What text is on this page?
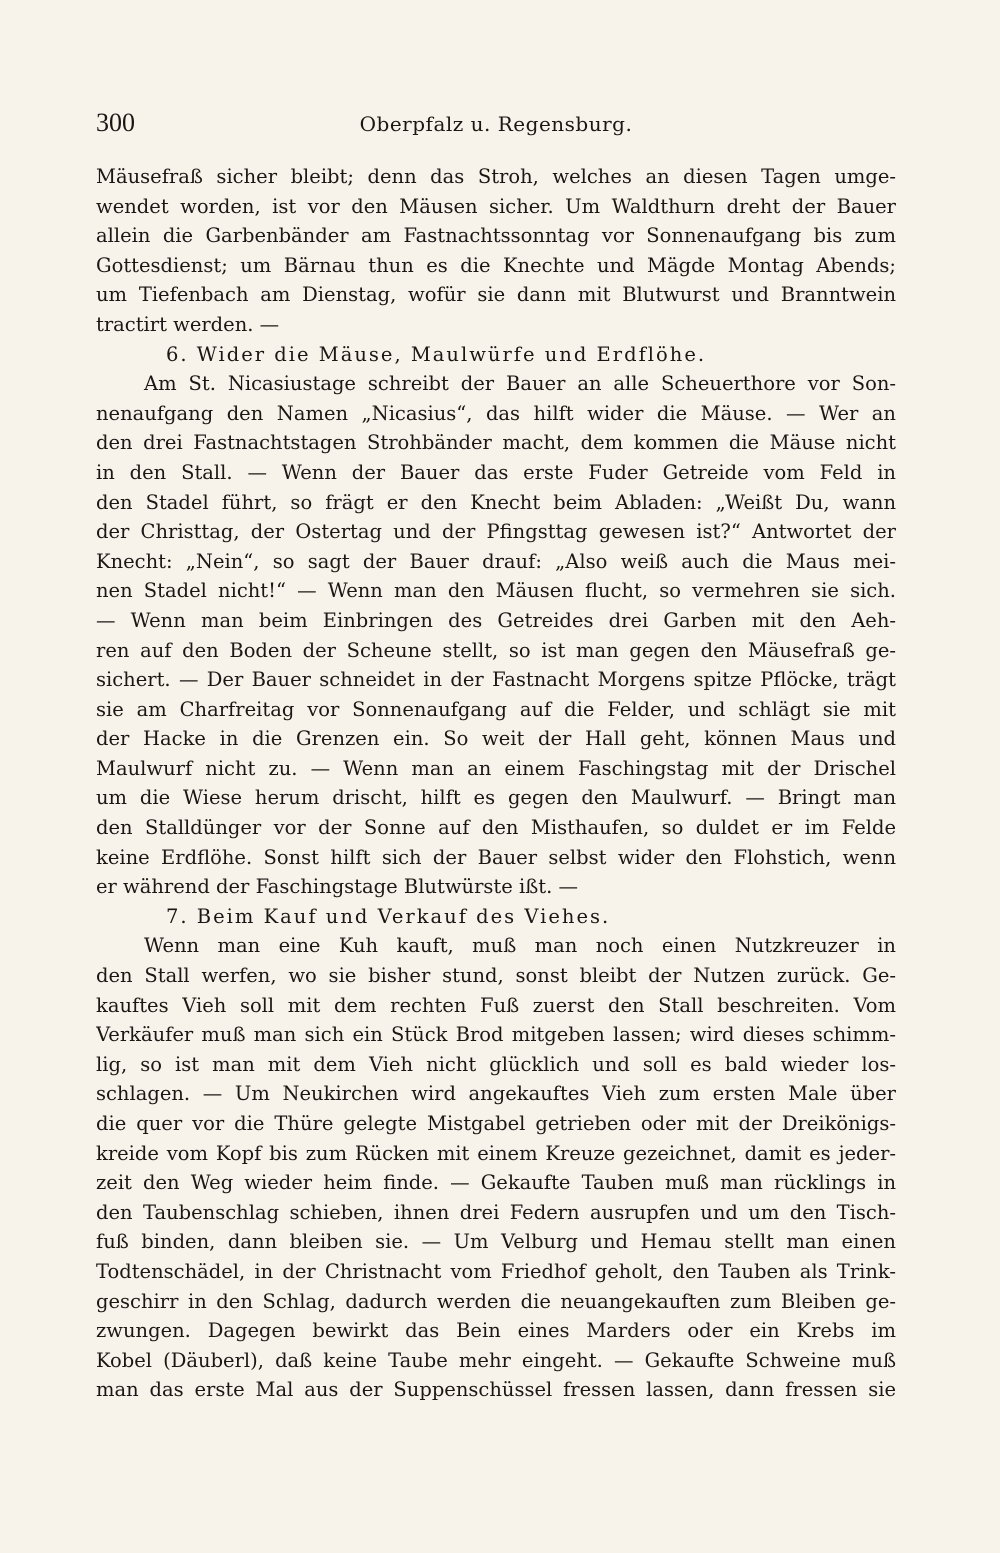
300	Oberpfalz u. Regensburg.
Mäusefraß sicher bleibt; denn das Stroh, welches an diesen Tagen umge-
wendet worden, ist vor den Mäusen sicher. Um Waldthurn dreht der Bauer
allein die Garbenbänder am Fastnachtssonntag vor Sonnenaufgang bis zum
Gottesdienst; um Bärnau thun es die Knechte und Mägde Montag Abends;
um Tiefenbach am Dienstag, wofür sie dann mit Blutwurst und Branntwein
tractirt werden. —
6. Wider die Mäuse, Maulwürfe und Erdflöhe.
Am St. Nicasiustage schreibt der Bauer an alle Scheuerthore vor Son-
nenaufgang den Namen „Nicasius“, das hilft wider die Mäuse. — Wer an
den drei Fastnachtstagen Strohbänder macht, dem kommen die Mäuse nicht
in den Stall. — Wenn der Bauer das erste Fuder Getreide vom Feld in
den Stadel führt, so frägt er den Knecht beim Abladen: „Weißt Du, wann
der Christtag, der Ostertag und der Pfingsttag gewesen ist?“ Antwortet der
Knecht: „Nein“, so sagt der Bauer drauf: „Also weiß auch die Maus mei-
nen Stadel nicht!“ — Wenn man den Mäusen flucht, so vermehren sie sich.
— Wenn man beim Einbringen des Getreides drei Garben mit den Aeh-
ren auf den Boden der Scheune stellt, so ist man gegen den Mäusefraß ge-
sichert. — Der Bauer schneidet in der Fastnacht Morgens spitze Pflöcke, trägt
sie am Charfreitag vor Sonnenaufgang auf die Felder, und schlägt sie mit
der Hacke in die Grenzen ein. So weit der Hall geht, können Maus und
Maulwurf nicht zu. — Wenn man an einem Faschingstag mit der Drischel
um die Wiese herum drischt, hilft es gegen den Maulwurf. — Bringt man
den Stalldünger vor der Sonne auf den Misthaufen, so duldet er im Felde
keine Erdflöhe. Sonst hilft sich der Bauer selbst wider den Flohstich, wenn
er während der Faschingstage Blutwürste ißt. —
7. Beim Kauf und Verkauf des Viehes.
Wenn man eine Kuh kauft, muß man noch einen Nutzkreuzer in
den Stall werfen, wo sie bisher stund, sonst bleibt der Nutzen zurück. Ge-
kauftes Vieh soll mit dem rechten Fuß zuerst den Stall beschreiten. Vom
Verkäufer muß man sich ein Stück Brod mitgeben lassen; wird dieses schimm-
lig, so ist man mit dem Vieh nicht glücklich und soll es bald wieder los-
schlagen. — Um Neukirchen wird angekauftes Vieh zum ersten Male über
die quer vor die Thüre gelegte Mistgabel getrieben oder mit der Dreikönigs-
kreide vom Kopf bis zum Rücken mit einem Kreuze gezeichnet, damit es jeder-
zeit den Weg wieder heim finde. — Gekaufte Tauben muß man rücklings in
den Taubenschlag schieben, ihnen drei Federn ausrupfen und um den Tisch-
fuß binden, dann bleiben sie. — Um Velburg und Hemau stellt man einen
Todtenschädel, in der Christnacht vom Friedhof geholt, den Tauben als Trink-
geschirr in den Schlag, dadurch werden die neuangekauften zum Bleiben ge-
zwungen. Dagegen bewirkt das Bein eines Marders oder ein Krebs im
Kobel (Däuberl), daß keine Taube mehr eingeht. — Gekaufte Schweine muß
man das erste Mal aus der Suppenschüssel fressen lassen, dann fressen sie
